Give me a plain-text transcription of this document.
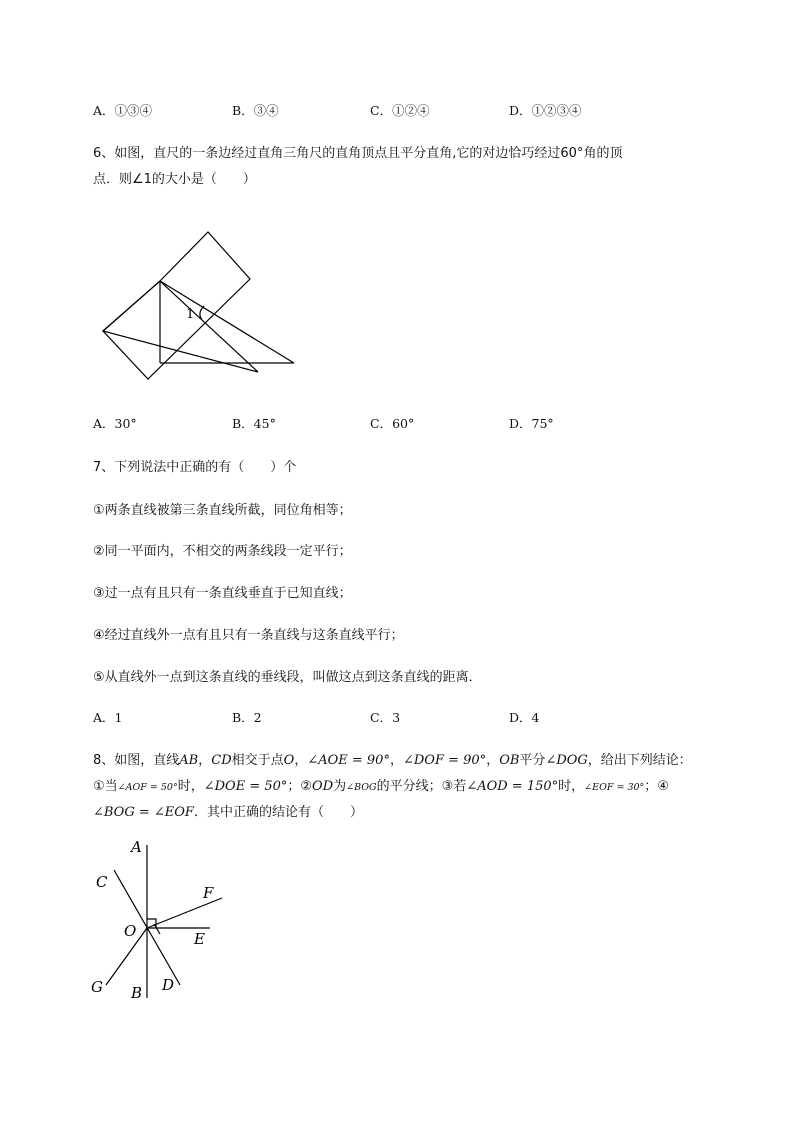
A．①③④	B．③④	C．①②④	D．①②③④
6、如图，直尺的一条边经过直角三角尺的直角顶点且平分直角,它的对边恰巧经过60°角的顶
点．则∠1的大小是（　　）
1
A．30°	B．45°	C．60°	D．75°
7、下列说法中正确的有（　　）个
①两条直线被第三条直线所截，同位角相等；
②同一平面内，不相交的两条线段一定平行；
③过一点有且只有一条直线垂直于已知直线；
④经过直线外一点有且只有一条直线与这条直线平行；
⑤从直线外一点到这条直线的垂线段，叫做这点到这条直线的距离．
A．1	B．2	C．3	D．4
8、如图，直线AB，CD相交于点O，∠AOE = 90°，∠DOF = 90°，OB平分∠DOG，给出下列结论：
①当∠AOF = 50°时，∠DOE = 50°；②OD为∠BOG的平分线；③若∠AOD = 150°时，∠EOF = 30°；④
∠BOG = ∠EOF．其中正确的结论有（　　）
A
C
F
O	E
G B D
